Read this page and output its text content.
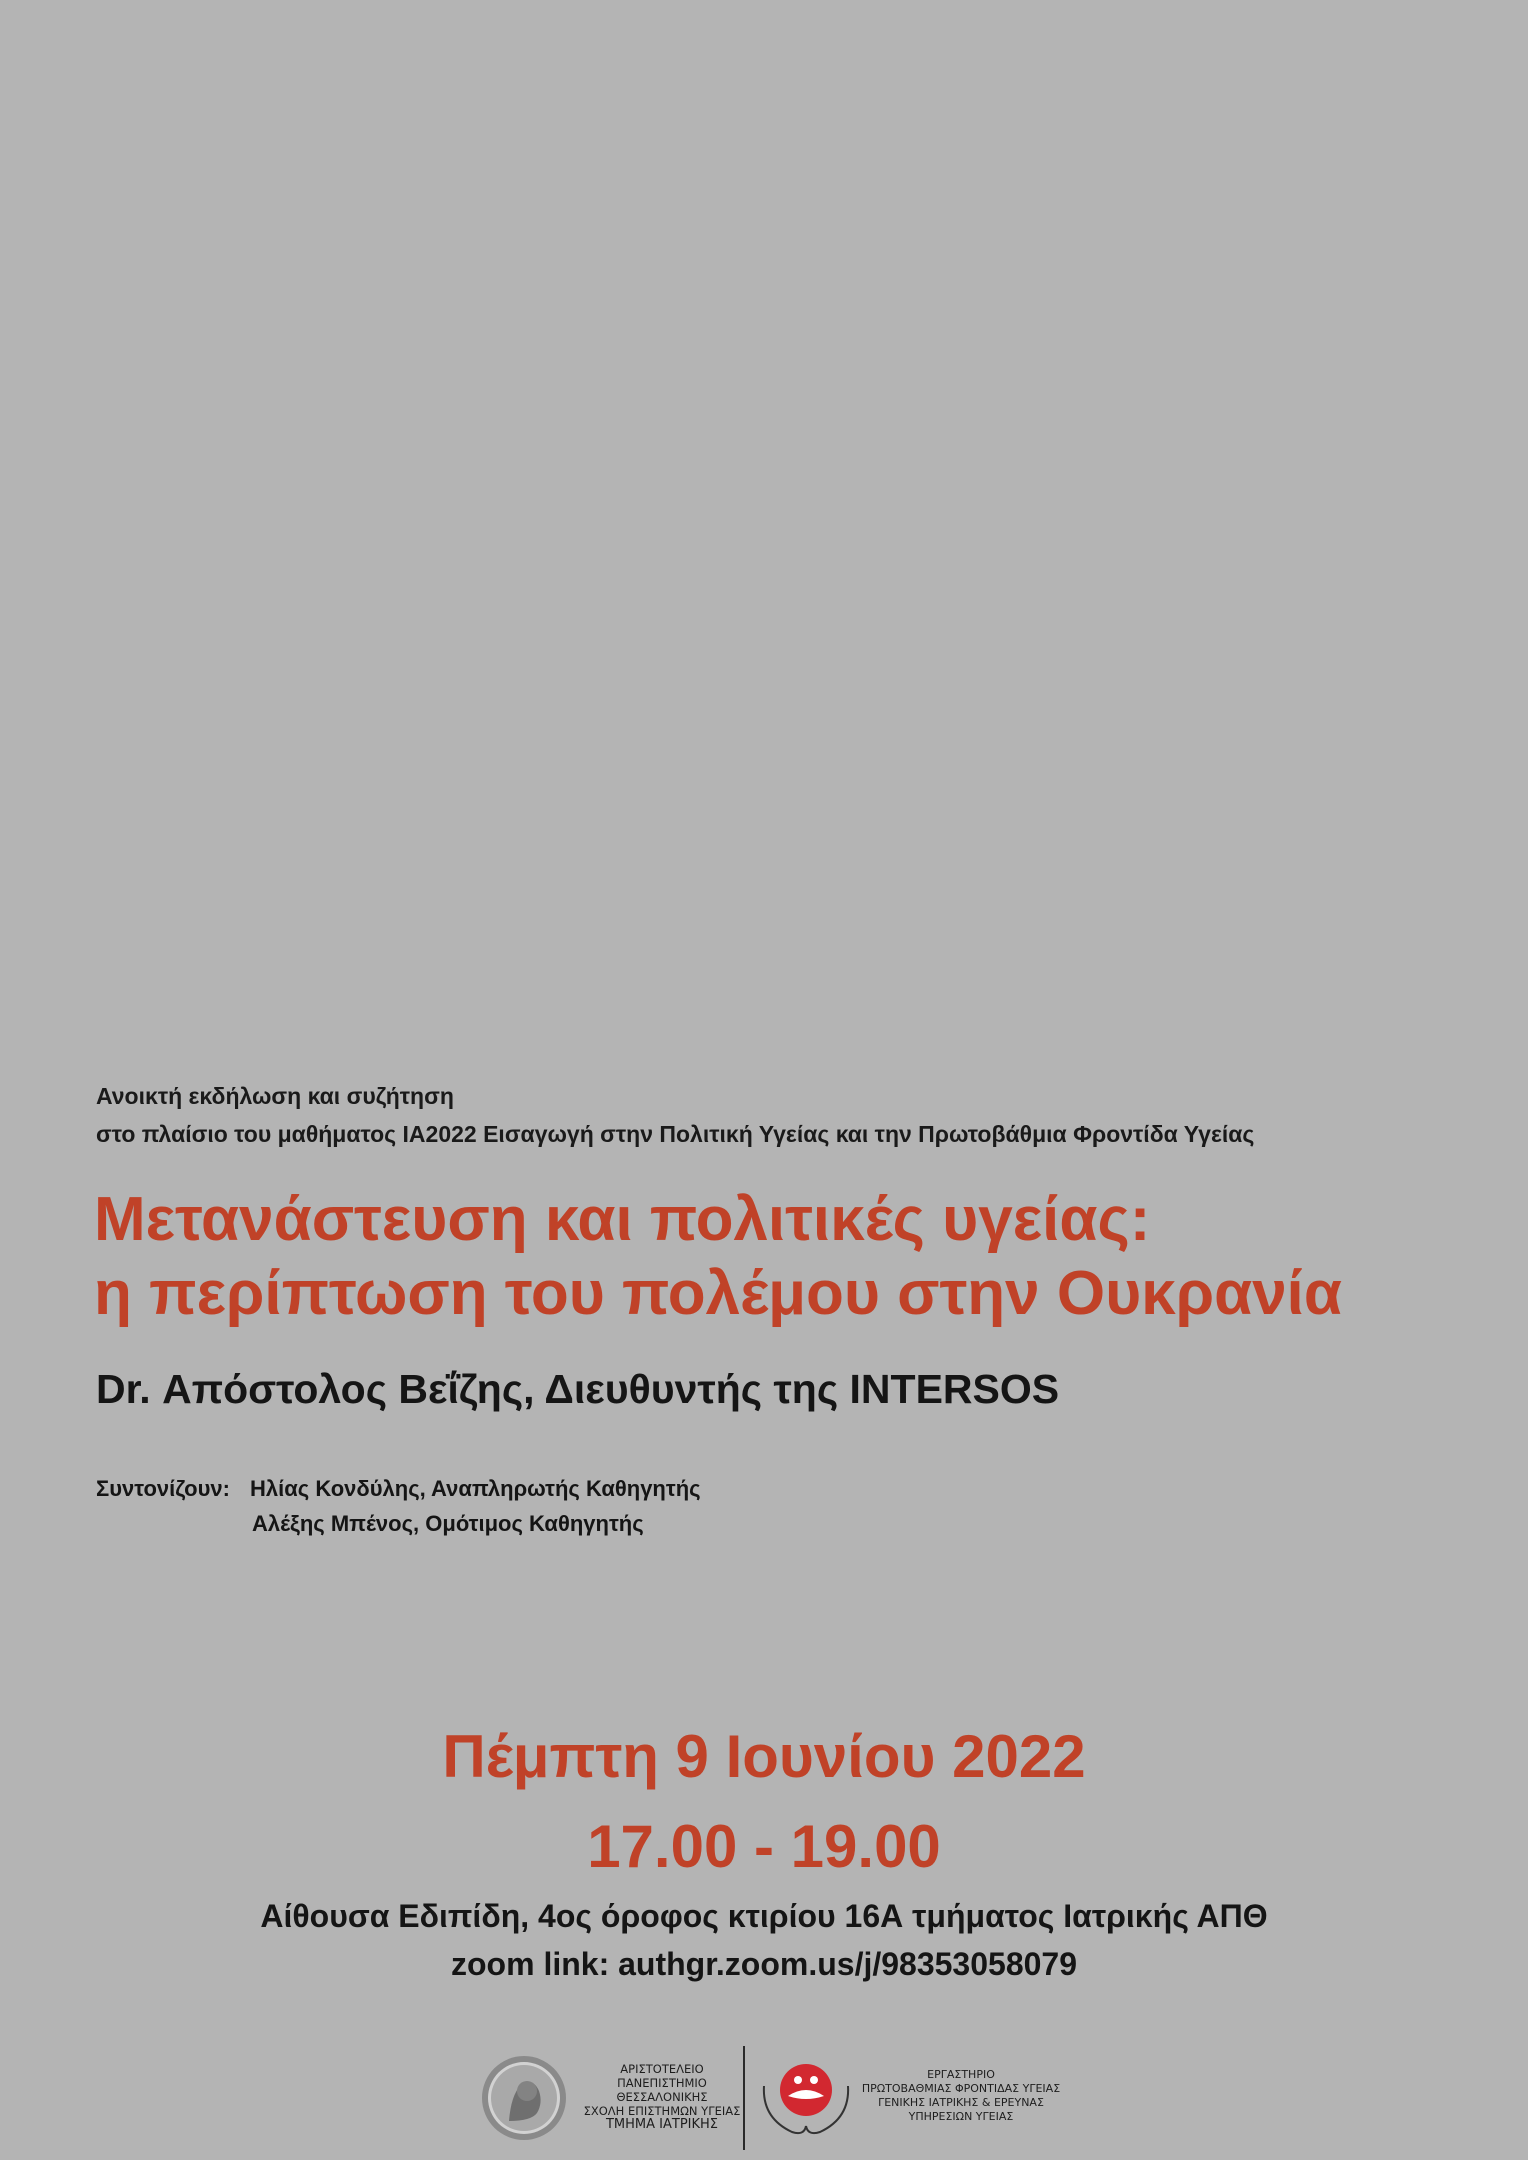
Ανοικτή εκδήλωση και συζήτηση
στο πλαίσιο του μαθήματος ΙΑ2022 Εισαγωγή στην Πολιτική Υγείας και την Πρωτοβάθμια Φροντίδα Υγείας
Μετανάστευση και πολιτικές υγείας:
η περίπτωση του πολέμου στην Ουκρανία
Dr. Απόστολος Βεΐζης, Διευθυντής της INTERSOS
Συντονίζουν: Ηλίας Κονδύλης, Αναπληρωτής Καθηγητής
Αλέξης Μπένος, Ομότιμος Καθηγητής
Πέμπτη 9 Ιουνίου 2022
17.00 - 19.00
Αίθουσα Εδιπίδη, 4ος όροφος κτιρίου 16Α τμήματος Ιατρικής ΑΠΘ
zoom link: authgr.zoom.us/j/98353058079
ΑΡΙΣΤΟΤΕΛΕΙΟ
ΠΑΝΕΠΙΣΤΗΜΙΟ
ΘΕΣΣΑΛΟΝΙΚΗΣ
ΣΧΟΛΗ ΕΠΙΣΤΗΜΩΝ ΥΓΕΙΑΣ
ΤΜΗΜΑ ΙΑΤΡΙΚΗΣ
ΕΡΓΑΣΤΗΡΙΟ
ΠΡΩΤΟΒΑΘΜΙΑΣ ΦΡΟΝΤΙΔΑΣ ΥΓΕΙΑΣ
ΓΕΝΙΚΗΣ ΙΑΤΡΙΚΗΣ & ΕΡΕΥΝΑΣ
ΥΠΗΡΕΣΙΩΝ ΥΓΕΙΑΣ
